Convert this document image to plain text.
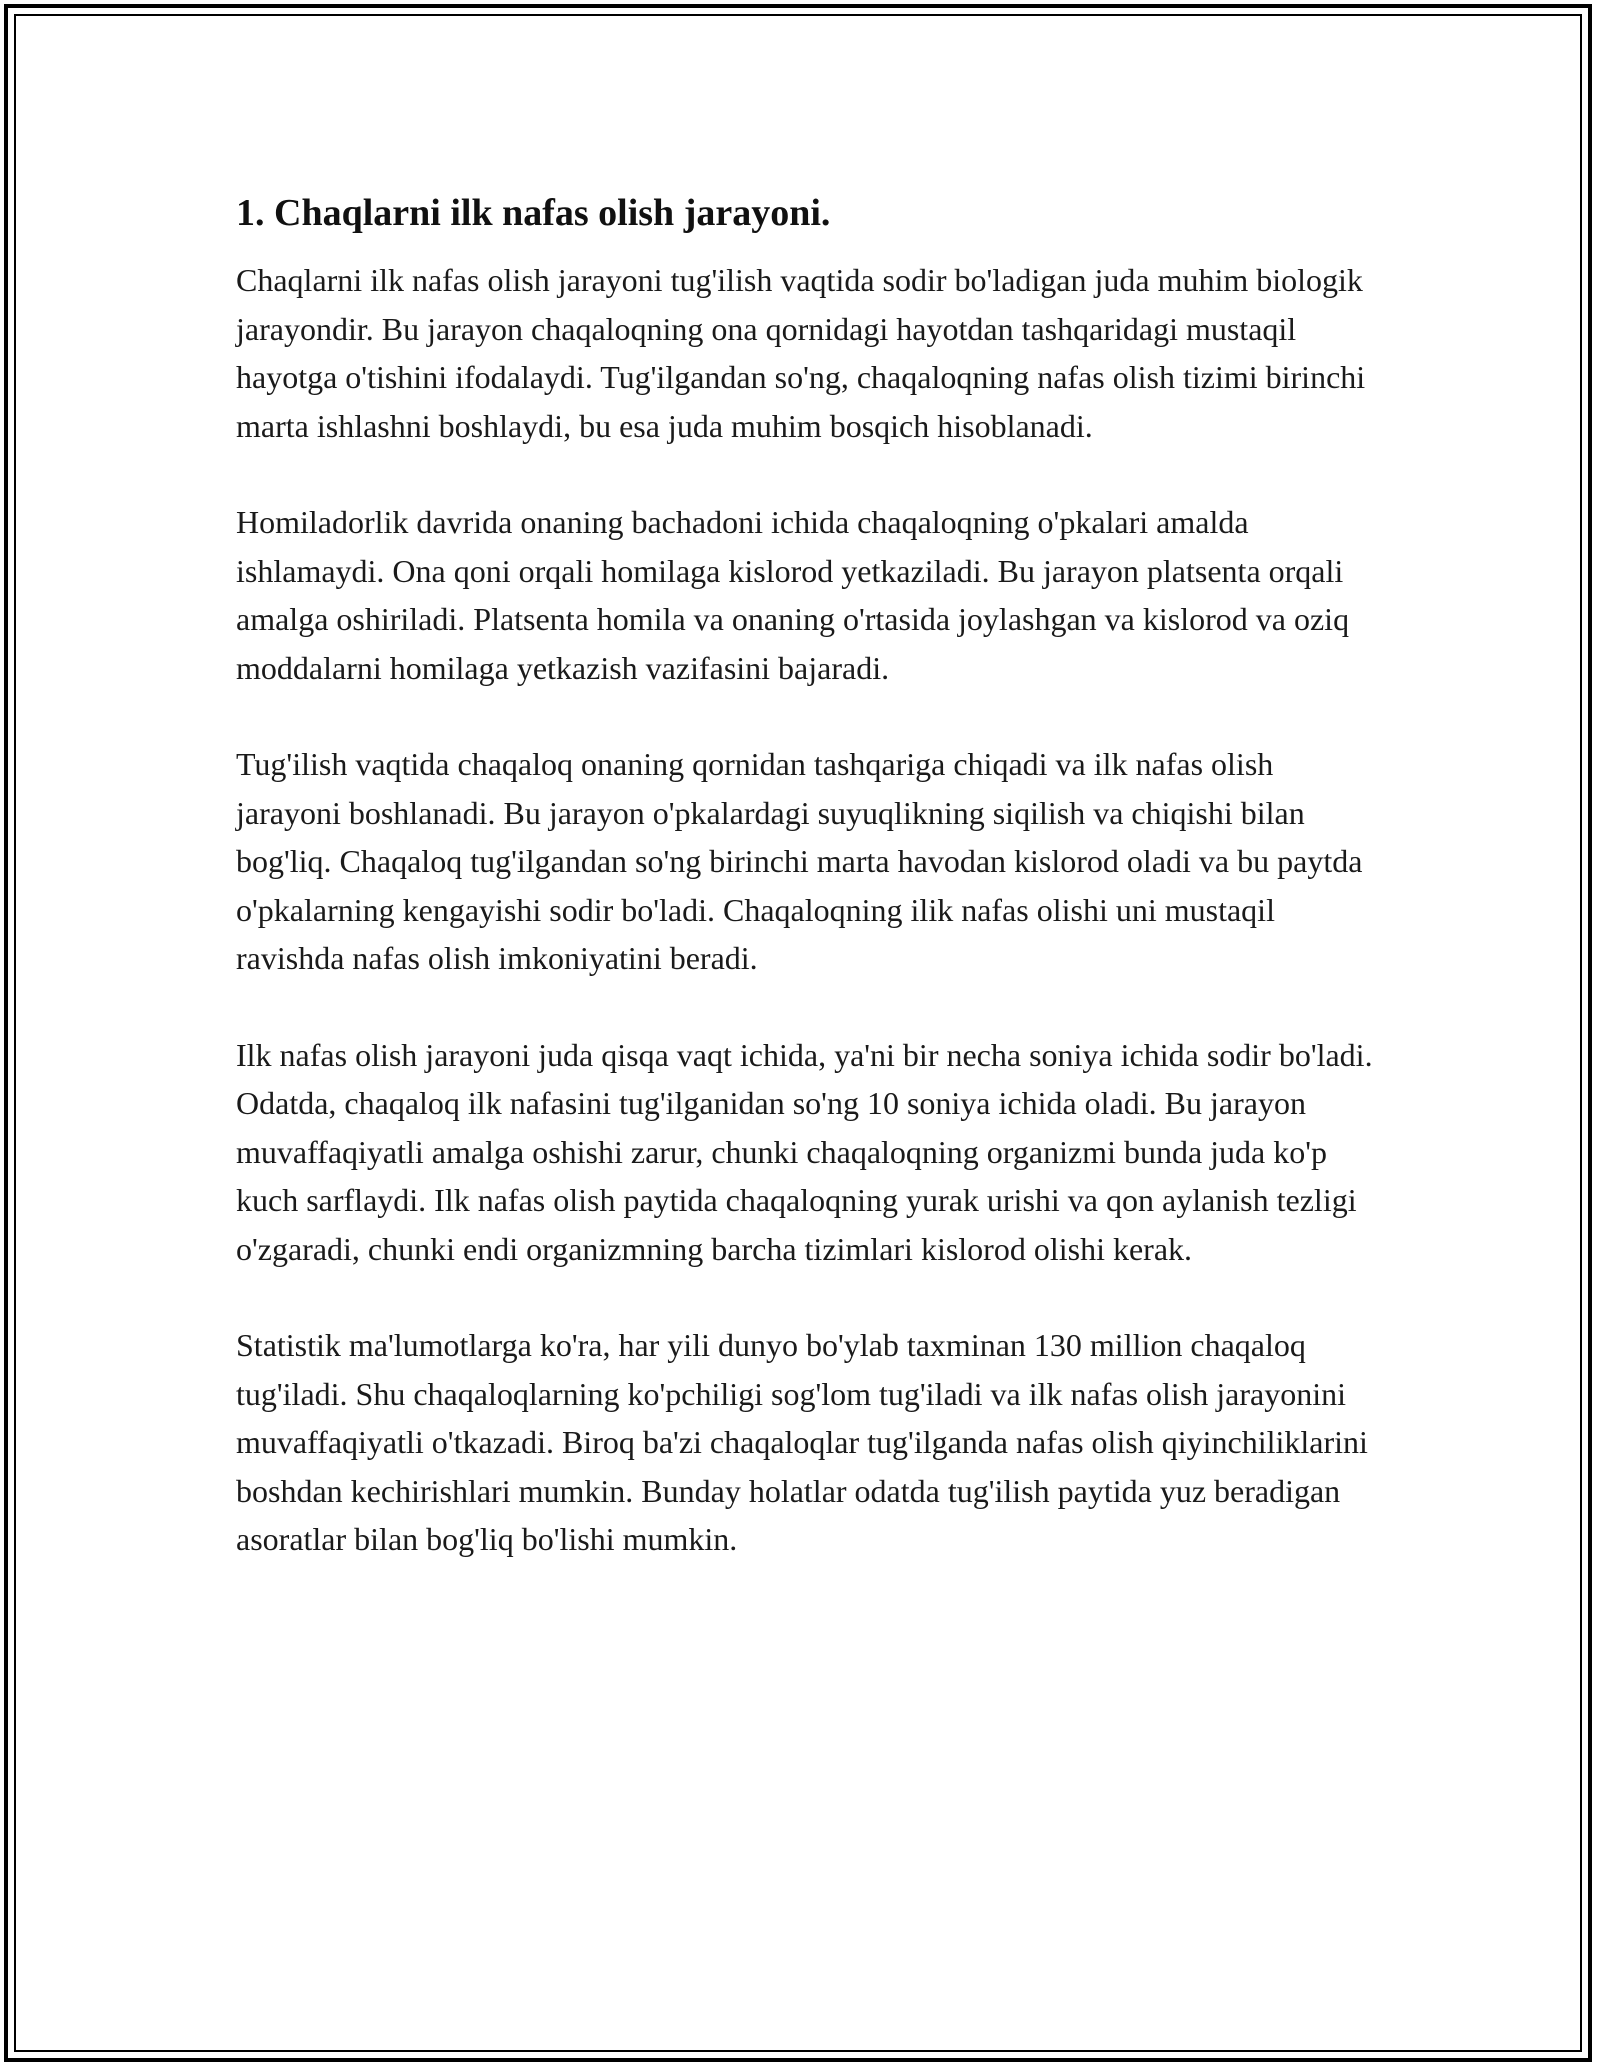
1. Chaqlarni ilk nafas olish jarayoni.

Chaqlarni ilk nafas olish jarayoni tug'ilish vaqtida sodir bo'ladigan juda muhim biologik jarayondir. Bu jarayon chaqaloqning ona qornidagi hayotdan tashqaridagi mustaqil hayotga o'tishini ifodalaydi. Tug'ilgandan so'ng, chaqaloqning nafas olish tizimi birinchi marta ishlashni boshlaydi, bu esa juda muhim bosqich hisoblanadi.

Homiladorlik davrida onaning bachadoni ichida chaqaloqning o'pkalari amalda ishlamaydi. Ona qoni orqali homilaga kislorod yetkaziladi. Bu jarayon platsenta orqali amalga oshiriladi. Platsenta homila va onaning o'rtasida joylashgan va kislorod va oziq moddalarni homilaga yetkazish vazifasini bajaradi.

Tug'ilish vaqtida chaqaloq onaning qornidan tashqariga chiqadi va ilk nafas olish jarayoni boshlanadi. Bu jarayon o'pkalardagi suyuqlikning siqilish va chiqishi bilan bog'liq. Chaqaloq tug'ilgandan so'ng birinchi marta havodan kislorod oladi va bu paytda o'pkalarning kengayishi sodir bo'ladi. Chaqaloqning ilik nafas olishi uni mustaqil ravishda nafas olish imkoniyatini beradi.

Ilk nafas olish jarayoni juda qisqa vaqt ichida, ya'ni bir necha soniya ichida sodir bo'ladi. Odatda, chaqaloq ilk nafasini tug'ilganidan so'ng 10 soniya ichida oladi. Bu jarayon muvaffaqiyatli amalga oshishi zarur, chunki chaqaloqning organizmi bunda juda ko'p kuch sarflaydi. Ilk nafas olish paytida chaqaloqning yurak urishi va qon aylanish tezligi o'zgaradi, chunki endi organizmning barcha tizimlari kislorod olishi kerak.

Statistik ma'lumotlarga ko'ra, har yili dunyo bo'ylab taxminan 130 million chaqaloq tug'iladi. Shu chaqaloqlarning ko'pchiligi sog'lom tug'iladi va ilk nafas olish jarayonini muvaffaqiyatli o'tkazadi. Biroq ba'zi chaqaloqlar tug'ilganda nafas olish qiyinchiliklarini boshdan kechirishlari mumkin. Bunday holatlar odatda tug'ilish paytida yuz beradigan asoratlar bilan bog'liq bo'lishi mumkin.
